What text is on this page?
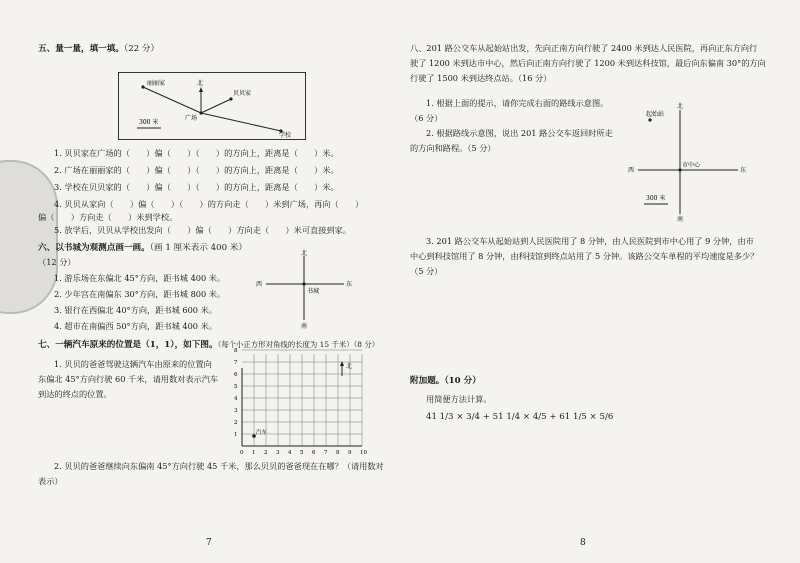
五、量一量，填一填。（22 分）
丽丽家	北
贝贝家
广场
学校
300 米
1. 贝贝家在广场的（　　）偏（　　）（　　）的方向上，距离是（　　）米。
2. 广场在丽丽家的（　　）偏（　　）（　　）的方向上，距离是（　　）米。
3. 学校在贝贝家的（　　）偏（　　）（　　）的方向上，距离是（　　）米。
4. 贝贝从家向（　　）偏（　　）（　　）的方向走（　　）米到广场，再向（　　）
偏（　　）方向走（　　）米到学校。
5. 放学后，贝贝从学校出发向（　　）偏（　　）方向走（　　）米可直接到家。
六、以书城为观测点画一画。（画 1 厘米表示 400 米）
（12 分）
1. 游乐场在东偏北 45°方向，距书城 400 米。
2. 少年宫在南偏东 30°方向，距书城 800 米。
3. 银行在西偏北 40°方向，距书城 600 米。
4. 超市在南偏西 50°方向，距书城 400 米。
北
南
东
西
书城
七、一辆汽车原来的位置是（1，1），如下图。（每个小正方形对角线的长度为 15 千米）（8 分）
1. 贝贝的爸爸驾驶这辆汽车由原来的位置向
东偏北 45°方向行驶 60 千米，请用数对表示汽车
到达的终点的位置。
北
汽车
0 1 2 3 4 5 6 7 8 9 10
1
2
3
4
5
6
7
8
2. 贝贝的爸爸继续向东偏南 45°方向行驶 45 千米，那么贝贝的爸爸现在在哪？（请用数对
表示）
7
八、201 路公交车从起始站出发，先向正南方向行驶了 2400 米到达人民医院，再向正东方向行
驶了 1200 米到达市中心，然后向正南方向行驶了 1200 米到达科技馆，最后向东偏南 30°的方向
行驶了 1500 米到达终点站。（16 分）
1. 根据上面的提示，请你完成右面的路线示意图。
（6 分）
2. 根据路线示意图，说出 201 路公交车返回时所走
的方向和路程。（5 分）
起始站
北
南
东
西
市中心
300 米
3. 201 路公交车从起始站到人民医院用了 8 分钟，由人民医院到市中心用了 9 分钟，由市
中心到科技馆用了 8 分钟，由科技馆到终点站用了 5 分钟。该路公交车单程的平均速度是多少？
（5 分）
附加题。（10 分）
用简便方法计算。
41 1/3 × 3/4 + 51 1/4 × 4/5 + 61 1/5 × 5/6
8
